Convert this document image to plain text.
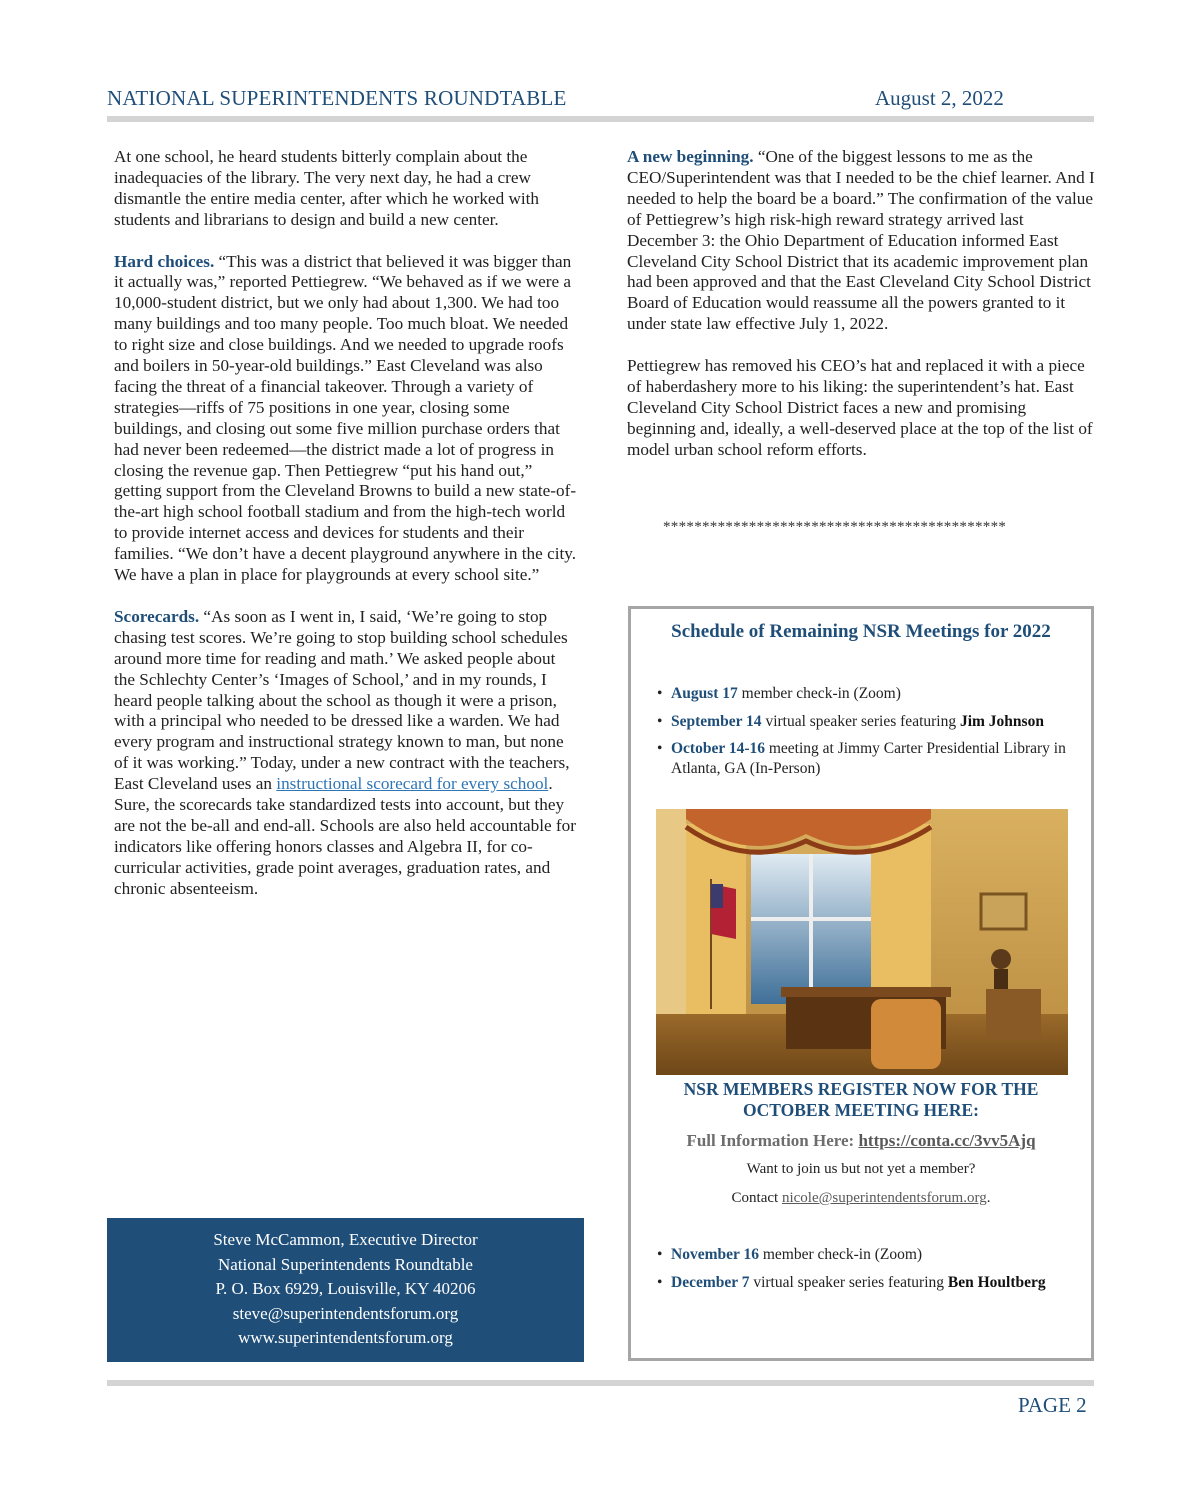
NATIONAL SUPERINTENDENTS ROUNDTABLE	August 2, 2022

At one school, he heard students bitterly complain about the inadequacies of the library. The very next day, he had a crew dismantle the entire media center, after which he worked with students and librarians to design and build a new center.

Hard choices. “This was a district that believed it was bigger than it actually was,” reported Pettiegrew. “We behaved as if we were a 10,000-student district, but we only had about 1,300. We had too many buildings and too many people. Too much bloat. We needed to right size and close buildings. And we needed to upgrade roofs and boilers in 50-year-old buildings.” East Cleveland was also facing the threat of a financial takeover. Through a variety of strategies—riffs of 75 positions in one year, closing some buildings, and closing out some five million purchase orders that had never been redeemed—the district made a lot of progress in closing the revenue gap. Then Pettiegrew “put his hand out,” getting support from the Cleveland Browns to build a new state-of-the-art high school football stadium and from the high-tech world to provide internet access and devices for students and their families. “We don’t have a decent playground anywhere in the city. We have a plan in place for playgrounds at every school site.”

Scorecards. “As soon as I went in, I said, ‘We’re going to stop chasing test scores. We’re going to stop building school schedules around more time for reading and math.’ We asked people about the Schlechty Center’s ‘Images of School,’ and in my rounds, I heard people talking about the school as though it were a prison, with a principal who needed to be dressed like a warden. We had every program and instructional strategy known to man, but none of it was working.” Today, under a new contract with the teachers, East Cleveland uses an instructional scorecard for every school. Sure, the scorecards take standardized tests into account, but they are not the be-all and end-all. Schools are also held accountable for indicators like offering honors classes and Algebra II, for co-curricular activities, grade point averages, graduation rates, and chronic absenteeism.

A new beginning. “One of the biggest lessons to me as the CEO/Superintendent was that I needed to be the chief learner. And I needed to help the board be a board.” The confirmation of the value of Pettiegrew’s high risk-high reward strategy arrived last December 3: the Ohio Department of Education informed East Cleveland City School District that its academic improvement plan had been approved and that the East Cleveland City School District Board of Education would reassume all the powers granted to it under state law effective July 1, 2022.

Pettiegrew has removed his CEO’s hat and replaced it with a piece of haberdashery more to his liking: the superintendent’s hat. East Cleveland City School District faces a new and promising beginning and, ideally, a well-deserved place at the top of the list of model urban school reform efforts.

********************************************
Schedule of Remaining NSR Meetings for 2022
• August 17 member check-in (Zoom)
• September 14 virtual speaker series featuring Jim Johnson
• October 14-16 meeting at Jimmy Carter Presidential Library in Atlanta, GA (In-Person)
NSR MEMBERS REGISTER NOW FOR THE
OCTOBER MEETING HERE:
Full Information Here: https://conta.cc/3vv5Ajq
Want to join us but not yet a member?
Contact nicole@superintendentsforum.org.
• November 16 member check-in (Zoom)
• December 7 virtual speaker series featuring Ben Houltberg
Steve McCammon, Executive Director
National Superintendents Roundtable
P. O. Box 6929, Louisville, KY 40206
steve@superintendentsforum.org
www.superintendentsforum.org
PAGE 2
